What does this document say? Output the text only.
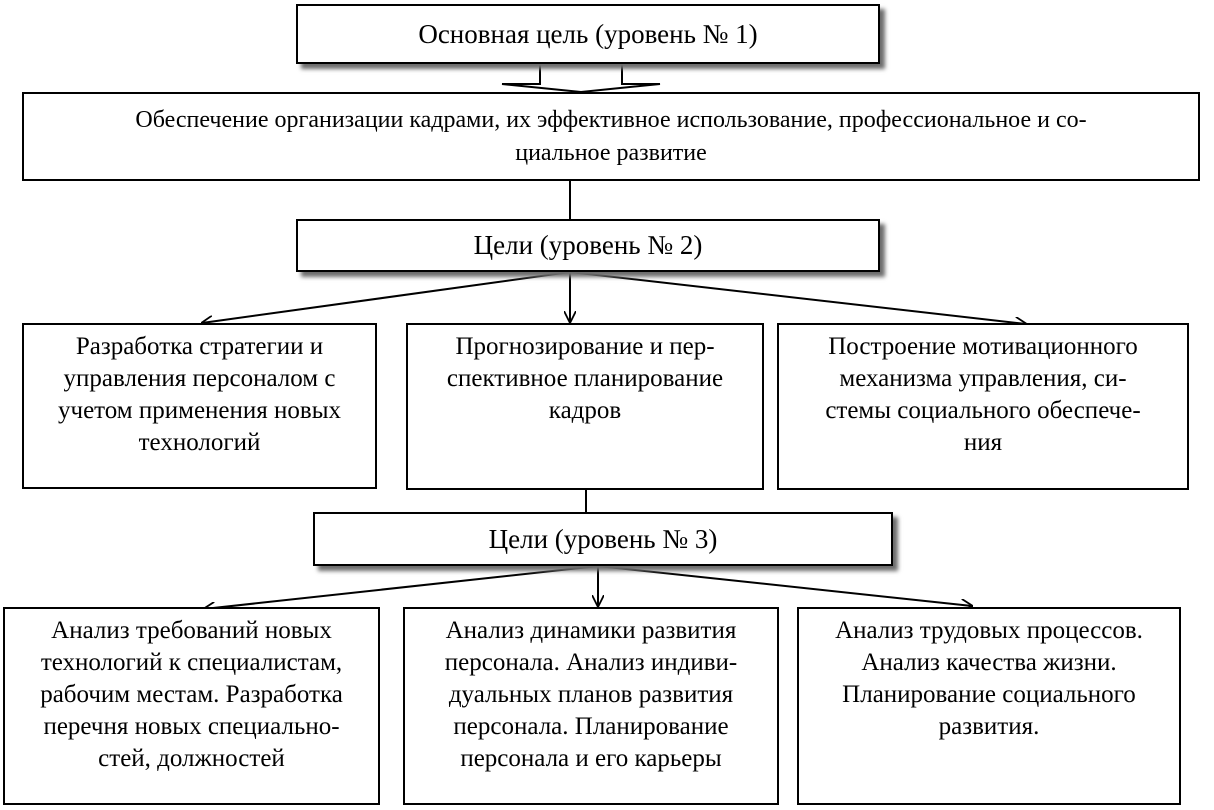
Основная цель (уровень № 1)
Обеспечение организации кадрами, их эффективное использование, профессиональное и со-
циальное развитие
Цели (уровень № 2)
Разработка стратегии и
управления персоналом с
учетом применения новых
технологий
Прогнозирование и пер-
спективное планирование
кадров
Построение мотивационного
механизма управления, си-
стемы социального обеспече-
ния
Цели (уровень № 3)
Анализ требований новых
технологий к специалистам,
рабочим местам. Разработка
перечня новых специально-
стей, должностей
Анализ динамики развития
персонала. Анализ индиви-
дуальных планов развития
персонала. Планирование
персонала и его карьеры
Анализ трудовых процессов.
Анализ качества жизни.
Планирование социального
развития.
